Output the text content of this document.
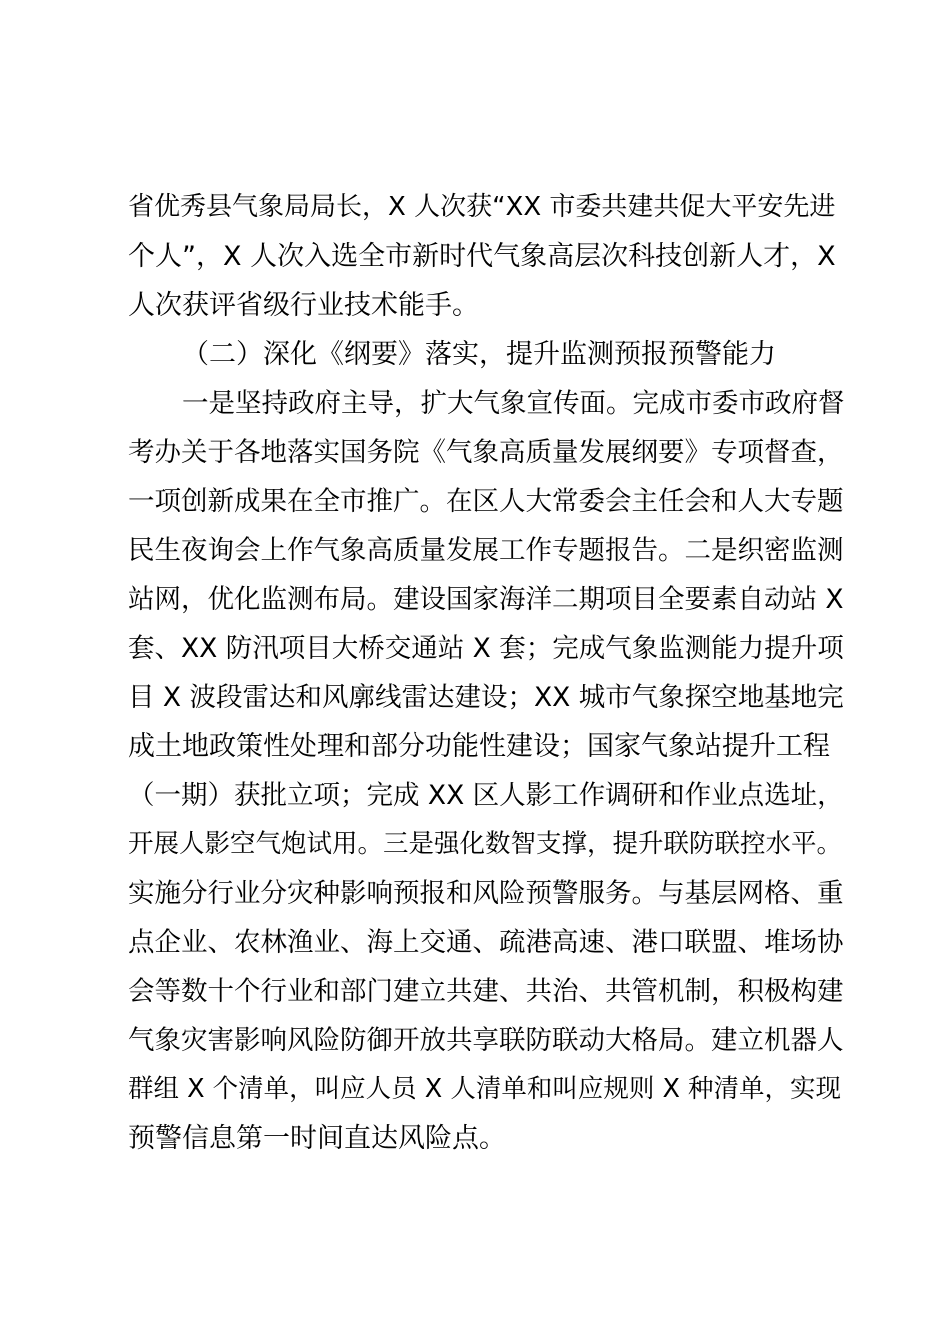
省优秀县气象局局长，X 人次获“XX 市委共建共促大平安先进
个人”，X 人次入选全市新时代气象高层次科技创新人才，X
人次获评省级行业技术能手。
（二）深化《纲要》落实，提升监测预报预警能力
一是坚持政府主导，扩大气象宣传面。完成市委市政府督
考办关于各地落实国务院《气象高质量发展纲要》专项督查，
一项创新成果在全市推广。在区人大常委会主任会和人大专题
民生夜询会上作气象高质量发展工作专题报告。二是织密监测
站网，优化监测布局。建设国家海洋二期项目全要素自动站 X
套、XX 防汛项目大桥交通站 X 套；完成气象监测能力提升项
目 X 波段雷达和风廓线雷达建设；XX 城市气象探空地基地完
成土地政策性处理和部分功能性建设；国家气象站提升工程
（一期）获批立项；完成 XX 区人影工作调研和作业点选址，
开展人影空气炮试用。三是强化数智支撑，提升联防联控水平。
实施分行业分灾种影响预报和风险预警服务。与基层网格、重
点企业、农林渔业、海上交通、疏港高速、港口联盟、堆场协
会等数十个行业和部门建立共建、共治、共管机制，积极构建
气象灾害影响风险防御开放共享联防联动大格局。建立机器人
群组 X 个清单，叫应人员 X 人清单和叫应规则 X 种清单，实现
预警信息第一时间直达风险点。
